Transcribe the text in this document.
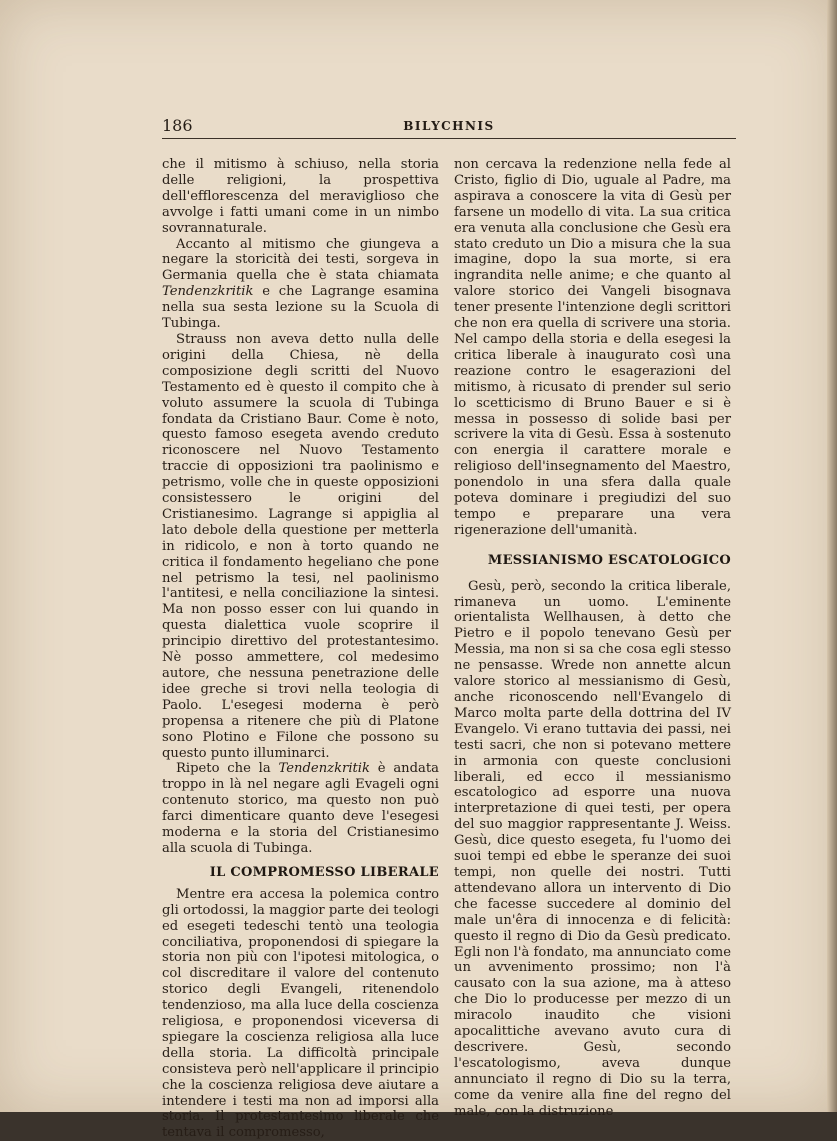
186	BILYCHNIS

che il mitismo à schiuso, nella storia delle religioni, la prospettiva dell'efflorescenza del meraviglioso che avvolge i fatti umani come in un nimbo sovrannaturale.

Accanto al mitismo che giungeva a negare la storicità dei testi, sorgeva in Germania quella che è stata chiamata Tendenzkritik e che Lagrange esamina nella sua sesta lezione su la Scuola di Tubinga.

Strauss non aveva detto nulla delle origini della Chiesa, nè della composizione degli scritti del Nuovo Testamento ed è questo il compito che à voluto assumere la scuola di Tubinga fondata da Cristiano Baur. Come è noto, questo famoso esegeta avendo creduto riconoscere nel Nuovo Testamento traccie di opposizioni tra paolinismo e petrismo, volle che in queste opposizioni consistessero le origini del Cristianesimo. Lagrange si appiglia al lato debole della questione per metterla in ridicolo, e non à torto quando ne critica il fondamento hegeliano che pone nel petrismo la tesi, nel paolinismo l'antitesi, e nella conciliazione la sintesi. Ma non posso esser con lui quando in questa dialettica vuole scoprire il principio direttivo del protestantesimo. Nè posso ammettere, col medesimo autore, che nessuna penetrazione delle idee greche si trovi nella teologia di Paolo. L'esegesi moderna è però propensa a ritenere che più di Platone sono Plotino e Filone che possono su questo punto illuminarci.

Ripeto che la Tendenzkritik è andata troppo in là nel negare agli Evageli ogni contenuto storico, ma questo non può farci dimenticare quanto deve l'esegesi moderna e la storia del Cristianesimo alla scuola di Tubinga.

IL COMPROMESSO LIBERALE

Mentre era accesa la polemica contro gli ortodossi, la maggior parte dei teologi ed esegeti tedeschi tentò una teologia conciliativa, proponendosi di spiegare la storia non più con l'ipotesi mitologica, o col discreditare il valore del contenuto storico degli Evangeli, ritenendolo tendenzioso, ma alla luce della coscienza religiosa, e proponendosi viceversa di spiegare la coscienza religiosa alla luce della storia. La difficoltà principale consisteva però nell'applicare il principio che la coscienza religiosa deve aiutare a intendere i testi ma non ad imporsi alla storia. Il protestantesimo liberale che tentava il compromesso,

non cercava la redenzione nella fede al Cristo, figlio di Dio, uguale al Padre, ma aspirava a conoscere la vita di Gesù per farsene un modello di vita. La sua critica era venuta alla conclusione che Gesù era stato creduto un Dio a misura che la sua imagine, dopo la sua morte, si era ingrandita nelle anime; e che quanto al valore storico dei Vangeli bisognava tener presente l'intenzione degli scrittori che non era quella di scrivere una storia. Nel campo della storia e della esegesi la critica liberale à inaugurato così una reazione contro le esagerazioni del mitismo, à ricusato di prender sul serio lo scetticismo di Bruno Bauer e si è messa in possesso di solide basi per scrivere la vita di Gesù. Essa à sostenuto con energia il carattere morale e religioso dell'insegnamento del Maestro, ponendolo in una sfera dalla quale poteva dominare i pregiudizi del suo tempo e preparare una vera rigenerazione dell'umanità.

MESSIANISMO ESCATOLOGICO

Gesù, però, secondo la critica liberale, rimaneva un uomo. L'eminente orientalista Wellhausen, à detto che Pietro e il popolo tenevano Gesù per Messia, ma non si sa che cosa egli stesso ne pensasse. Wrede non annette alcun valore storico al messianismo di Gesù, anche riconoscendo nell'Evangelo di Marco molta parte della dottrina del IV Evangelo. Vi erano tuttavia dei passi, nei testi sacri, che non si potevano mettere in armonia con queste conclusioni liberali, ed ecco il messianismo escatologico ad esporre una nuova interpretazione di quei testi, per opera del suo maggior rappresentante J. Weiss. Gesù, dice questo esegeta, fu l'uomo dei suoi tempi ed ebbe le speranze dei suoi tempi, non quelle dei nostri. Tutti attendevano allora un intervento di Dio che facesse succedere al dominio del male un'êra di innocenza e di felicità: questo il regno di Dio da Gesù predicato. Egli non l'à fondato, ma annunciato come un avvenimento prossimo; non l'à causato con la sua azione, ma à atteso che Dio lo producesse per mezzo di un miracolo inaudito che visioni apocalittiche avevano avuto cura di descrivere. Gesù, secondo l'escatologismo, aveva dunque annunciato il regno di Dio su la terra, come da venire alla fine del regno del male, con la distruzione
